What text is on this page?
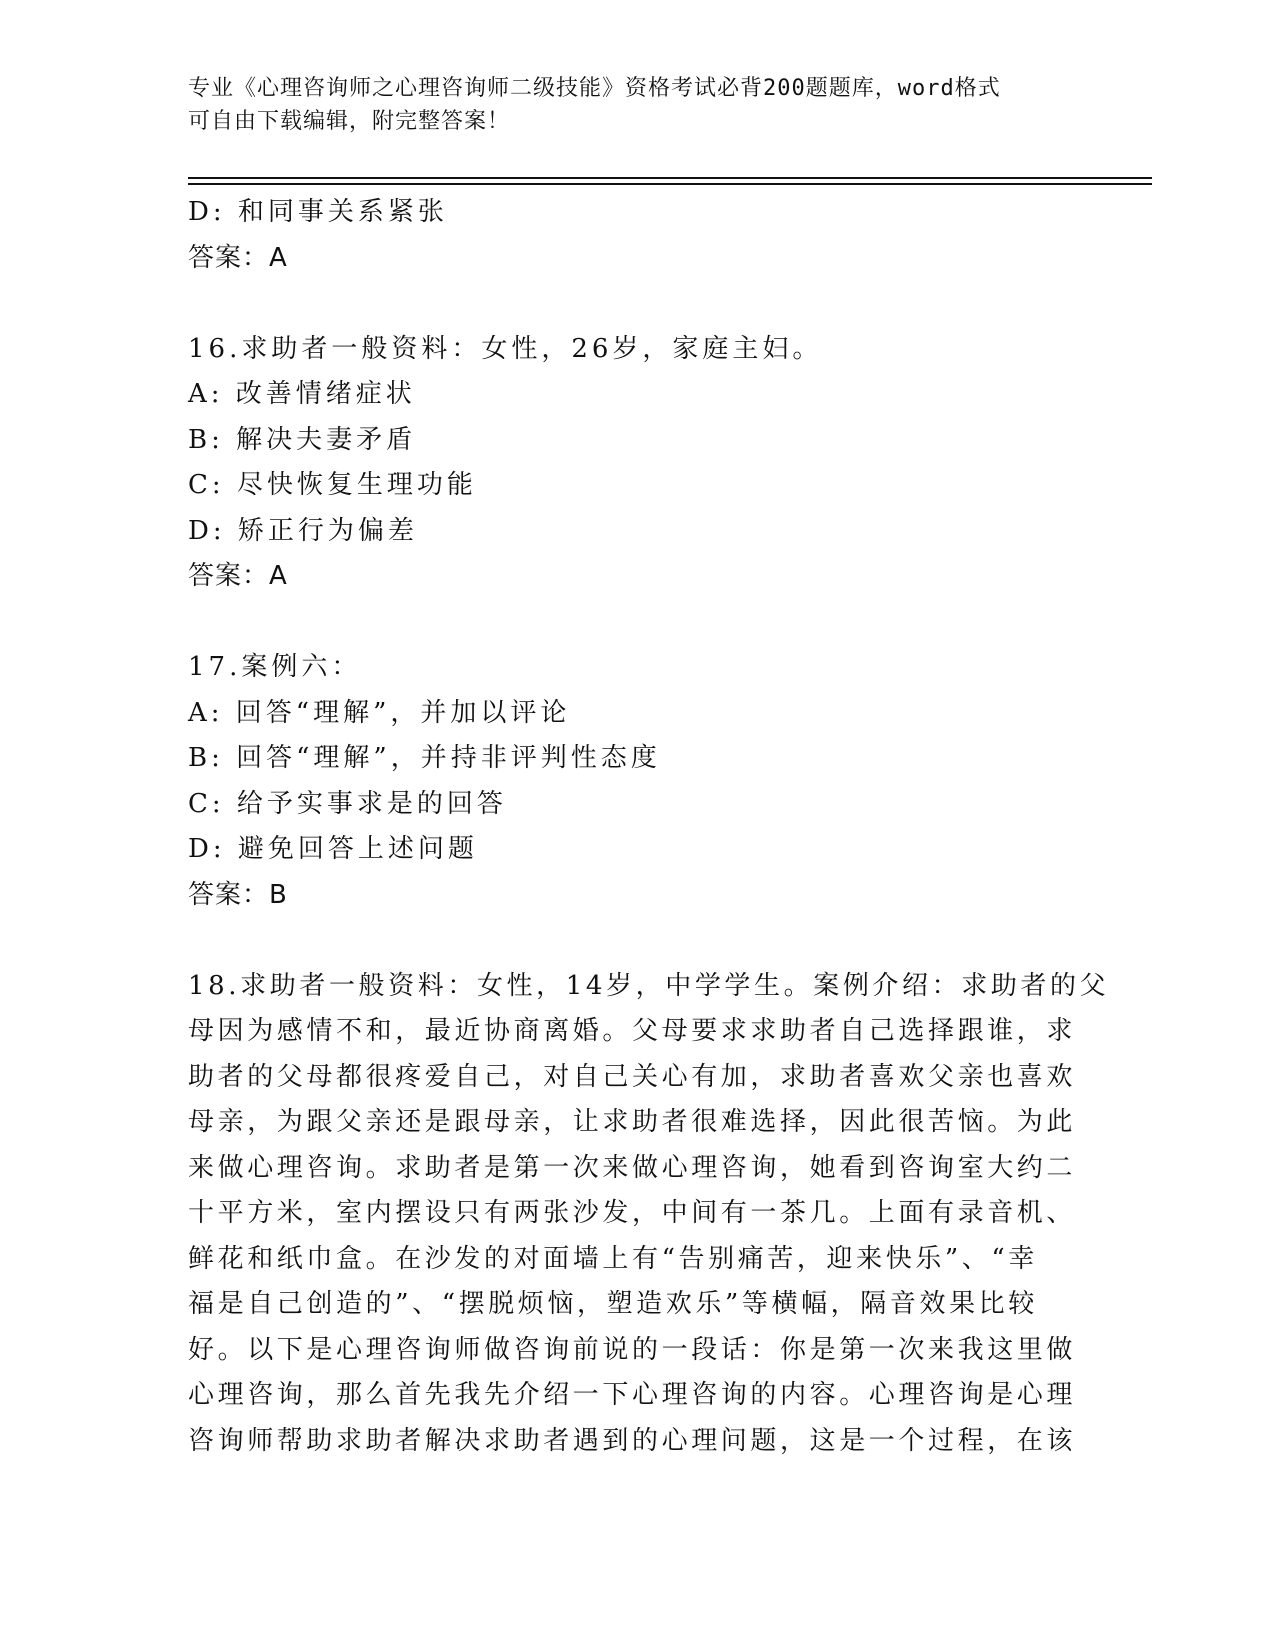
专业《心理咨询师之心理咨询师二级技能》资格考试必背200题题库，word格式
可自由下载编辑，附完整答案！
D: 和同事关系紧张
答案：A
16.求助者一般资料：女性，26岁，家庭主妇。
A: 改善情绪症状
B: 解决夫妻矛盾
C: 尽快恢复生理功能
D: 矫正行为偏差
答案：A
17.案例六：
A: 回答“理解”，并加以评论
B: 回答“理解”，并持非评判性态度
C: 给予实事求是的回答
D: 避免回答上述问题
答案：B
18.求助者一般资料：女性，14岁，中学学生。案例介绍：求助者的父
母因为感情不和，最近协商离婚。父母要求求助者自己选择跟谁，求
助者的父母都很疼爱自己，对自己关心有加，求助者喜欢父亲也喜欢
母亲，为跟父亲还是跟母亲，让求助者很难选择，因此很苦恼。为此
来做心理咨询。求助者是第一次来做心理咨询，她看到咨询室大约二
十平方米，室内摆设只有两张沙发，中间有一茶几。上面有录音机、
鲜花和纸巾盒。在沙发的对面墙上有“告别痛苦，迎来快乐”、“幸
福是自己创造的”、“摆脱烦恼，塑造欢乐”等横幅，隔音效果比较
好。以下是心理咨询师做咨询前说的一段话：你是第一次来我这里做
心理咨询，那么首先我先介绍一下心理咨询的内容。心理咨询是心理
咨询师帮助求助者解决求助者遇到的心理问题，这是一个过程，在该
